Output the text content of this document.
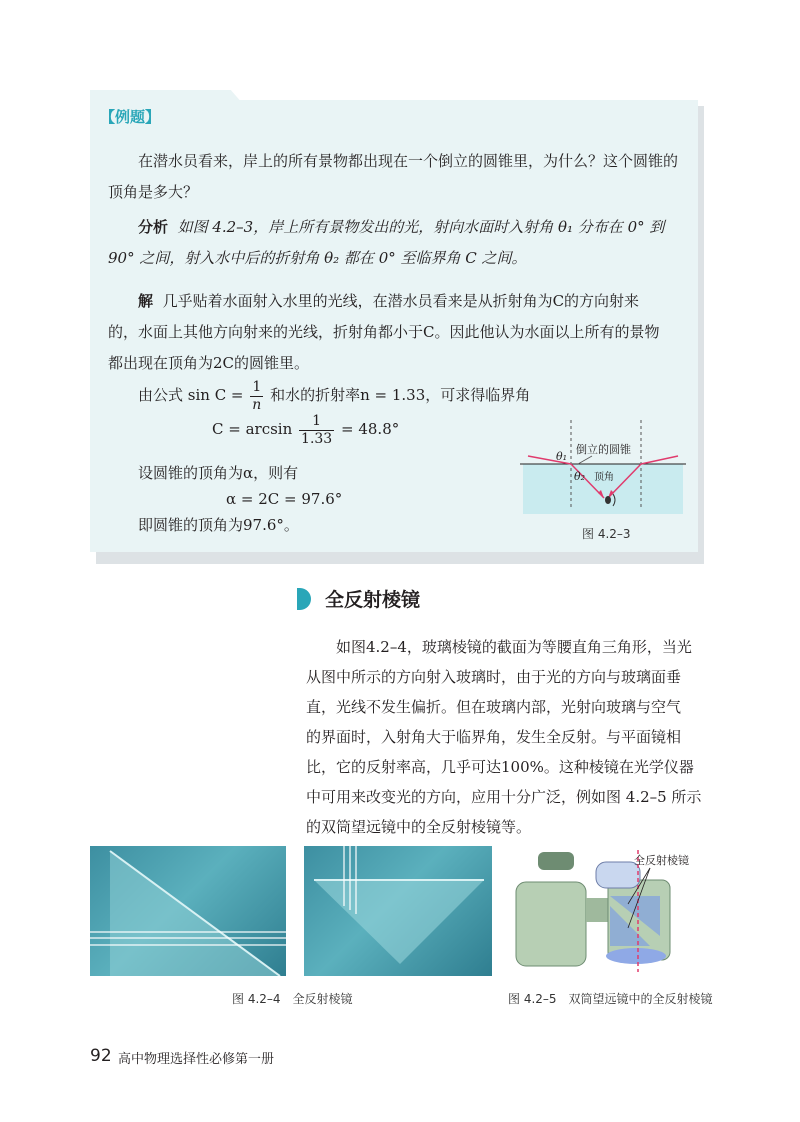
【例题】
在潜水员看来，岸上的所有景物都出现在一个倒立的圆锥里，为什么？这个圆锥的顶角是多大？
分析 如图 4.2–3，岸上所有景物发出的光，射向水面时入射角 θ₁ 分布在 0° 到
90° 之间，射入水中后的折射角 θ₂ 都在 0° 至临界角 C 之间。
解 几乎贴着水面射入水里的光线，在潜水员看来是从折射角为C的方向射来
的，水面上其他方向射来的光线，折射角都小于C。因此他认为水面以上所有的景物
都出现在顶角为2C的圆锥里。
由公式 $\sin C = \frac{1}{n}$ 和水的折射率n = 1.33，可求得临界角
$C = \arcsin \frac{1}{1.33} = 48.8^\circ$
设圆锥的顶角为α，则有
α = 2C = 97.6°
即圆锥的顶角为97.6°。
倒立的圆锥
顶角
θ₁
θ₂
图 4.2–3
全反射棱镜
如图4.2–4，玻璃棱镜的截面为等腰直角三角形，当光
从图中所示的方向射入玻璃时，由于光的方向与玻璃面垂
直，光线不发生偏折。但在玻璃内部，光射向玻璃与空气
的界面时，入射角大于临界角，发生全反射。与平面镜相
比，它的反射率高，几乎可达100%。这种棱镜在光学仪器
中可用来改变光的方向，应用十分广泛，例如图 4.2–5 所示
的双筒望远镜中的全反射棱镜等。
图 4.2–4　全反射棱镜
全反射棱镜
图 4.2–5　双筒望远镜中的全反射棱镜
92 高中物理选择性必修第一册
